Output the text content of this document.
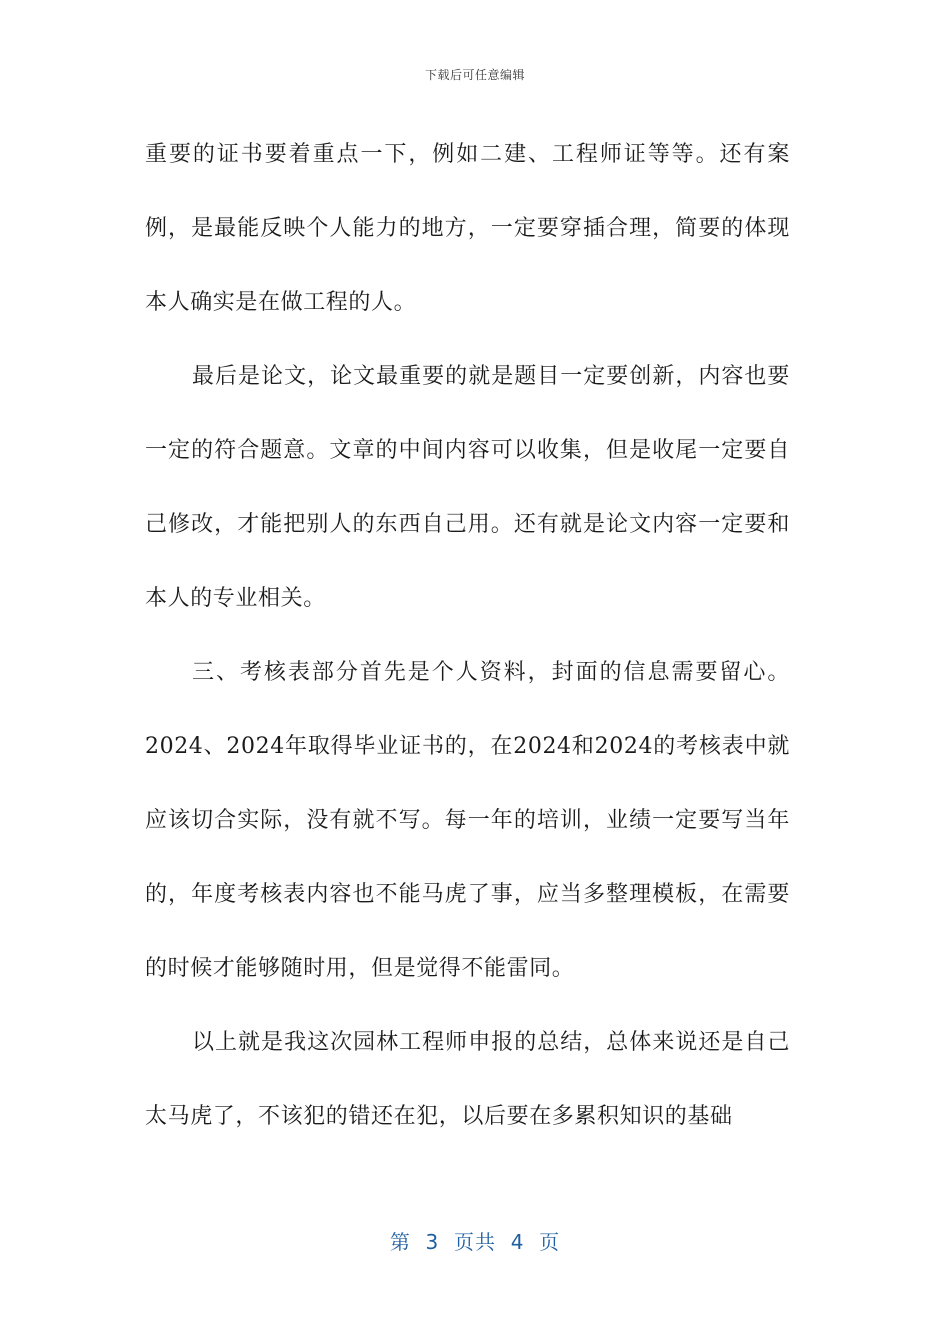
下载后可任意编辑

重要的证书要着重点一下，例如二建、工程师证等等。还有案例，是最能反映个人能力的地方，一定要穿插合理，简要的体现本人确实是在做工程的人。

最后是论文，论文最重要的就是题目一定要创新，内容也要一定的符合题意。文章的中间内容可以收集，但是收尾一定要自己修改，才能把别人的东西自己用。还有就是论文内容一定要和本人的专业相关。

三、考核表部分首先是个人资料，封面的信息需要留心。2024、2024年取得毕业证书的，在2024和2024的考核表中就应该切合实际，没有就不写。每一年的培训，业绩一定要写当年的，年度考核表内容也不能马虎了事，应当多整理模板，在需要的时候才能够随时用，但是觉得不能雷同。

以上就是我这次园林工程师申报的总结，总体来说还是自己太马虎了，不该犯的错还在犯，以后要在多累积知识的基础

第  3  页共  4  页
